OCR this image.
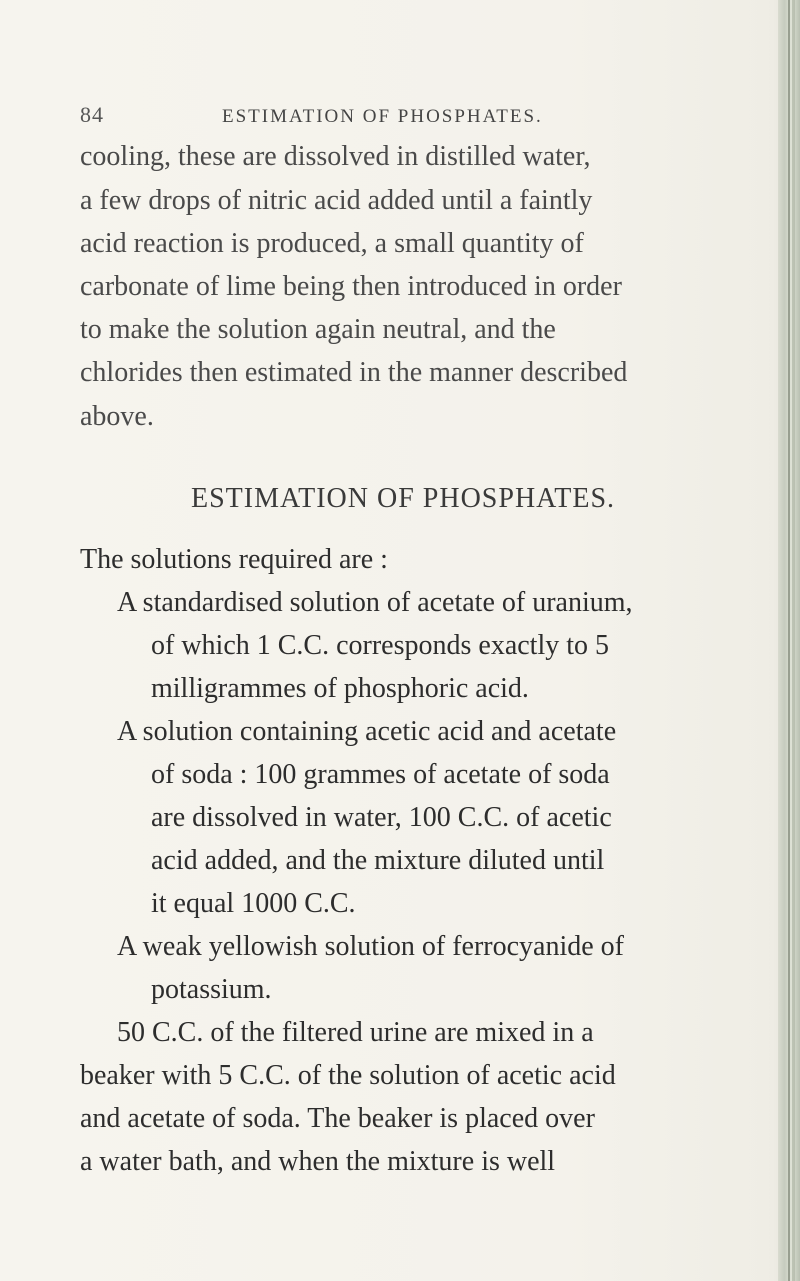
84	ESTIMATION OF PHOSPHATES.
cooling, these are dissolved in distilled water,
a few drops of nitric acid added until a faintly
acid reaction is produced, a small quantity of
carbonate of lime being then introduced in order
to make the solution again neutral, and the
chlorides then estimated in the manner described
above.
ESTIMATION OF PHOSPHATES.
The solutions required are :
A standardised solution of acetate of uranium,
of which 1 C.C. corresponds exactly to 5
milligrammes of phosphoric acid.
A solution containing acetic acid and acetate
of soda : 100 grammes of acetate of soda
are dissolved in water, 100 C.C. of acetic
acid added, and the mixture diluted until
it equal 1000 C.C.
A weak yellowish solution of ferrocyanide of
potassium.
50 C.C. of the filtered urine are mixed in a
beaker with 5 C.C. of the solution of acetic acid
and acetate of soda. The beaker is placed over
a water bath, and when the mixture is well
